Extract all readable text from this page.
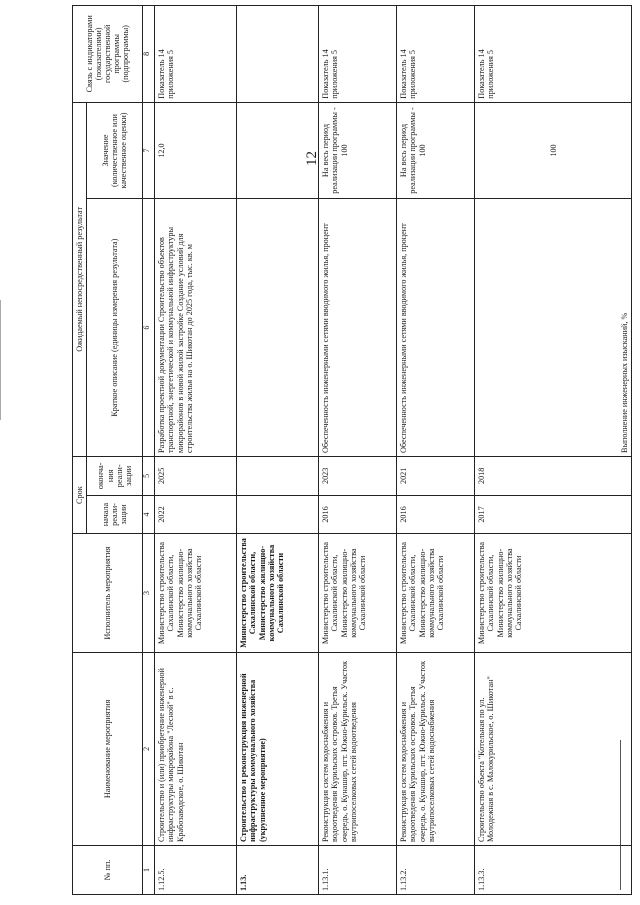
12
№ пп.	Наименование мероприятия	Исполнитель мероприятия	Срок		Ожидаемый непосредственный результат		Связь с индикаторами (показателями) государственной программы (подпрограммы)
			начала реали-зации	оконча-ния реали-зации	Краткое описание (единицы измерения результата)	Значение (количественное или качественное оценки)	
1	2	3	4	5	6	7	8
1.12.5.	Строительство и (или) приобретение инженерной инфраструктуры микрорайона "Лесной" в с. Крабозаводское, о. Шикотан	Министерство строительства Сахалинской области, Министерство жилищно-коммунального хозяйства Сахалинской области	2022	2025	Разработка проектной документации Строительство объектов транспортной, энергетической и коммунальной инфраструктуры микрорайонов в новой жилой застройке Создание условий для строительства жилья на о. Шикотан до 2025 года, тыс. кв. м	12,0	Показатель 14 приложения 5
1.13.	Строительство и реконструкция инженерной инфраструктуры коммунального хозяйства (укрупненное мероприятие)	Министерство строительства Сахалинской области, Министерство жилищно-коммунального хозяйства Сахалинской области					
1.13.1.	Реконструкция систем водоснабжения и водоотведения Курильских островов. Третья очередь, о. Кунашир, пгт. Южно-Курильск. Участок внутрипоселковых сетей водоотведения	Министерство строительства Сахалинской области, Министерство жилищно-коммунального хозяйства Сахалинской области	2016	2023	Обеспеченность инженерными сетями вводимого жилья, процент	На весь период реализации программы - 100	Показатель 14 приложения 5
1.13.2.	Реконструкция систем водоснабжения и водоотведения Курильских островов. Третья очередь, о. Кунашир, пгт. Южно-Курильск. Участок внутрипоселковых сетей водоснабжения	Министерство строительства Сахалинской области, Министерство жилищно-коммунального хозяйства Сахалинской области	2016	2021	Обеспеченность инженерными сетями вводимого жилья, процент	На весь период реализации программы - 100	Показатель 14 приложения 5
1.13.3.	Строительство объекта "Котельная по ул. Молодежная в с. Малокурильское, о. Шикотан"	Министерство строительства Сахалинской области, Министерство жилищно-коммунального хозяйства Сахалинской области	2017	2018	Выполнение инженерных изысканий, %	100	Показатель 14 приложения 5
